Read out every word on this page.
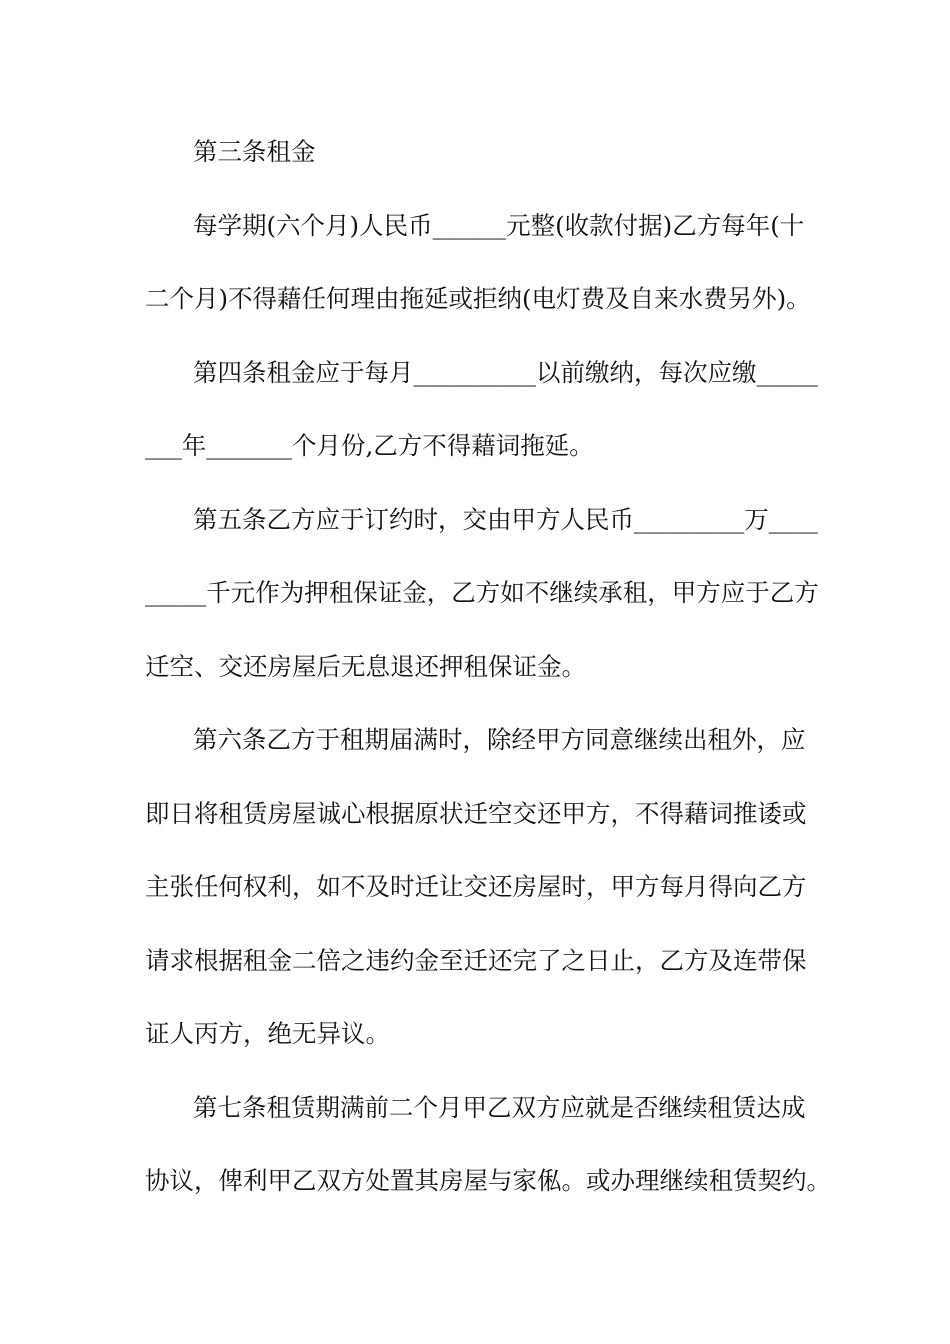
第三条租金
每学期(六个月)人民币______元整(收款付据)乙方每年(十
二个月)不得藉任何理由拖延或拒纳(电灯费及自来水费另外)。
第四条租金应于每月__________以前缴纳，每次应缴_____
___年_______个月份,乙方不得藉词拖延。
第五条乙方应于订约时，交由甲方人民币_________万____
_____千元作为押租保证金，乙方如不继续承租，甲方应于乙方
迁空、交还房屋后无息退还押租保证金。
第六条乙方于租期届满时，除经甲方同意继续出租外，应
即日将租赁房屋诚心根据原状迁空交还甲方，不得藉词推诿或
主张任何权利，如不及时迁让交还房屋时，甲方每月得向乙方
请求根据租金二倍之违约金至迁还完了之日止，乙方及连带保
证人丙方，绝无异议。
第七条租赁期满前二个月甲乙双方应就是否继续租赁达成
协议，俾利甲乙双方处置其房屋与家俬。或办理继续租赁契约。
